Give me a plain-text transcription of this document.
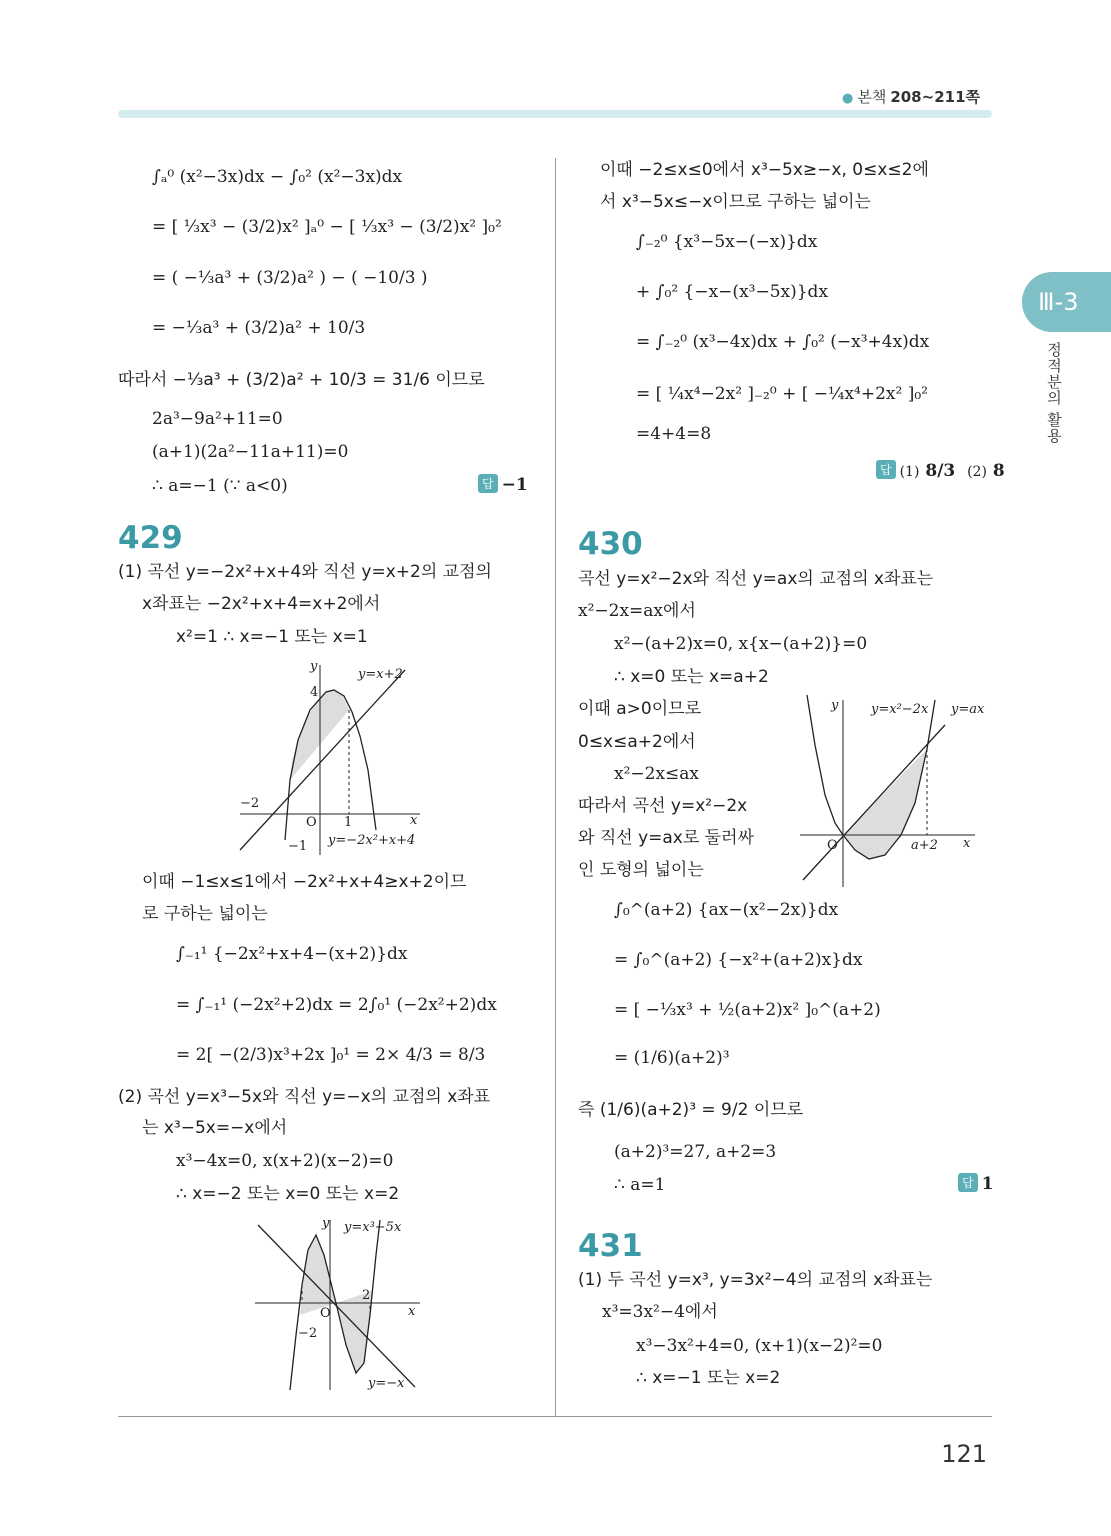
● 본책 208~211쪽
Ⅲ-3
정적분의 활용
121
∫ₐ⁰ (x²−3x)dx − ∫₀² (x²−3x)dx
= [ ⅓x³ − (3/2)x² ]ₐ⁰ − [ ⅓x³ − (3/2)x² ]₀²
= ( −⅓a³ + (3/2)a² ) − ( −10/3 )
= −⅓a³ + (3/2)a² + 10/3
따라서 −⅓a³ + (3/2)a² + 10/3 = 31/6 이므로
2a³−9a²+11=0
(a+1)(2a²−11a+11)=0
∴ a=−1 (∵ a<0)	답 −1
429
(1) 곡선 y=−2x²+x+4와 직선 y=x+2의 교점의
x좌표는 −2x²+x+4=x+2에서
x²=1 ∴ x=−1 또는 x=1
y
y=x+2
4
−2
O 1	x
−1 y=−2x²+x+4
이때 −1≤x≤1에서 −2x²+x+4≥x+2이므
로 구하는 넓이는
∫₋₁¹ {−2x²+x+4−(x+2)}dx
= ∫₋₁¹ (−2x²+2)dx = 2∫₀¹ (−2x²+2)dx
= 2[ −(2/3)x³+2x ]₀¹ = 2× 4/3 = 8/3
(2) 곡선 y=x³−5x와 직선 y=−x의 교점의 x좌표
는 x³−5x=−x에서
x³−4x=0, x(x+2)(x−2)=0
∴ x=−2 또는 x=0 또는 x=2
y y=x³−5x
2
O	x
−2
y=−x
이때 −2≤x≤0에서 x³−5x≥−x, 0≤x≤2에
서 x³−5x≤−x이므로 구하는 넓이는
∫₋₂⁰ {x³−5x−(−x)}dx
+ ∫₀² {−x−(x³−5x)}dx
= ∫₋₂⁰ (x³−4x)dx + ∫₀² (−x³+4x)dx
= [ ¼x⁴−2x² ]₋₂⁰ + [ −¼x⁴+2x² ]₀²
=4+4=8
답 (1) 8/3 (2) 8
430
곡선 y=x²−2x와 직선 y=ax의 교점의 x좌표는
x²−2x=ax에서
x²−(a+2)x=0, x{x−(a+2)}=0
∴ x=0 또는 x=a+2
이때 a>0이므로
0≤x≤a+2에서
x²−2x≤ax
따라서 곡선 y=x²−2x
와 직선 y=ax로 둘러싸
인 도형의 넓이는
y	y=x²−2x y=ax
O	a+2 x
∫₀^(a+2) {ax−(x²−2x)}dx
= ∫₀^(a+2) {−x²+(a+2)x}dx
= [ −⅓x³ + ½(a+2)x² ]₀^(a+2)
= (1/6)(a+2)³
즉 (1/6)(a+2)³ = 9/2 이므로
(a+2)³=27, a+2=3
∴ a=1	답 1
431
(1) 두 곡선 y=x³, y=3x²−4의 교점의 x좌표는
x³=3x²−4에서
x³−3x²+4=0, (x+1)(x−2)²=0
∴ x=−1 또는 x=2
